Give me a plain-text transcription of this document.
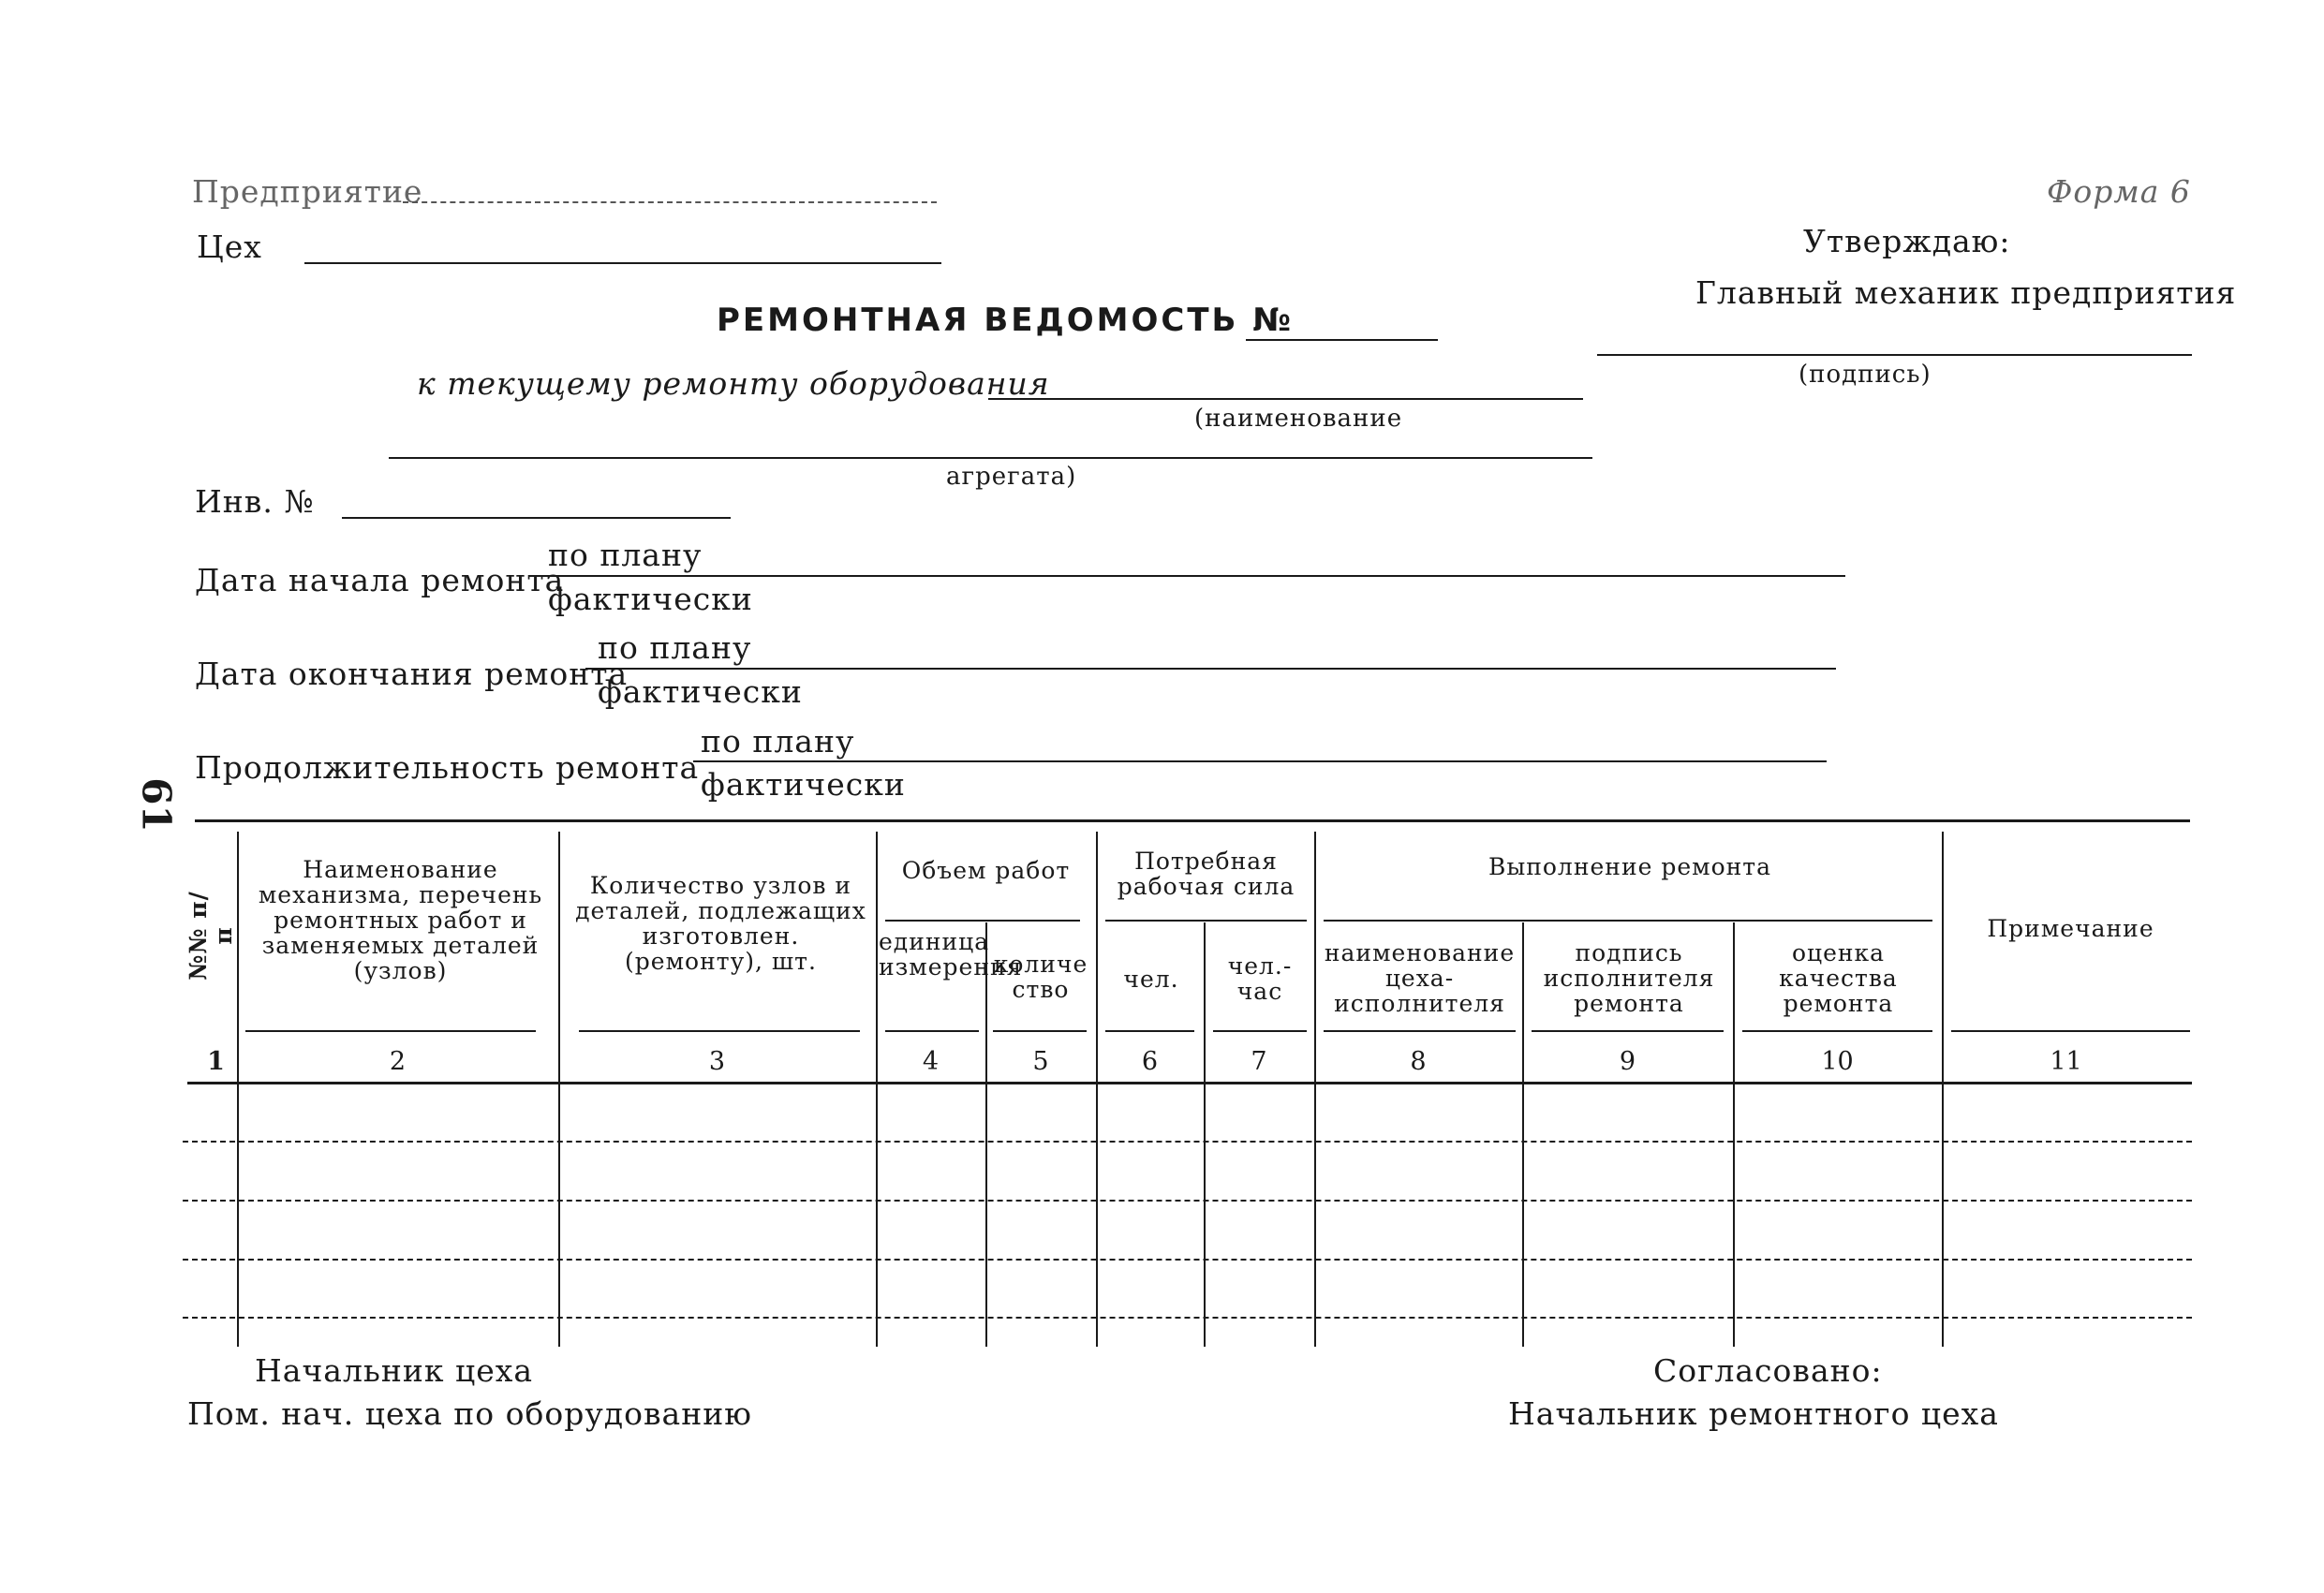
Предприятие	Форма 6
Цех	Утверждаю:
Главный механик предприятия
(подпись)
РЕМОНТНАЯ ВЕДОМОСТЬ №
к текущему ремонту оборудования
(наименование
агрегата)
Инв. №
Дата начала ремонта
по плану
фактически
Дата окончания ремонта
по плану
фактически
Продолжительность ремонта
по плану
фактически
61
№№ п/п
Наименование механизма, перечень ремонтных работ и заменяемых деталей (узлов)
Количество узлов и деталей, подлежащих изготовлен. (ремонту), шт.
Объем работ
единица измерения
количество
Потребная рабочая сила
чел.	чел.-час
Выполнение ремонта
наименование цеха-исполнителя
подпись исполнителя ремонта
оценка качества ремонта
Примечание
1	2	3	4	5	6	7	8	9	10	11
Начальник цеха
Пом. нач. цеха по оборудованию
Согласовано:
Начальник ремонтного цеха
